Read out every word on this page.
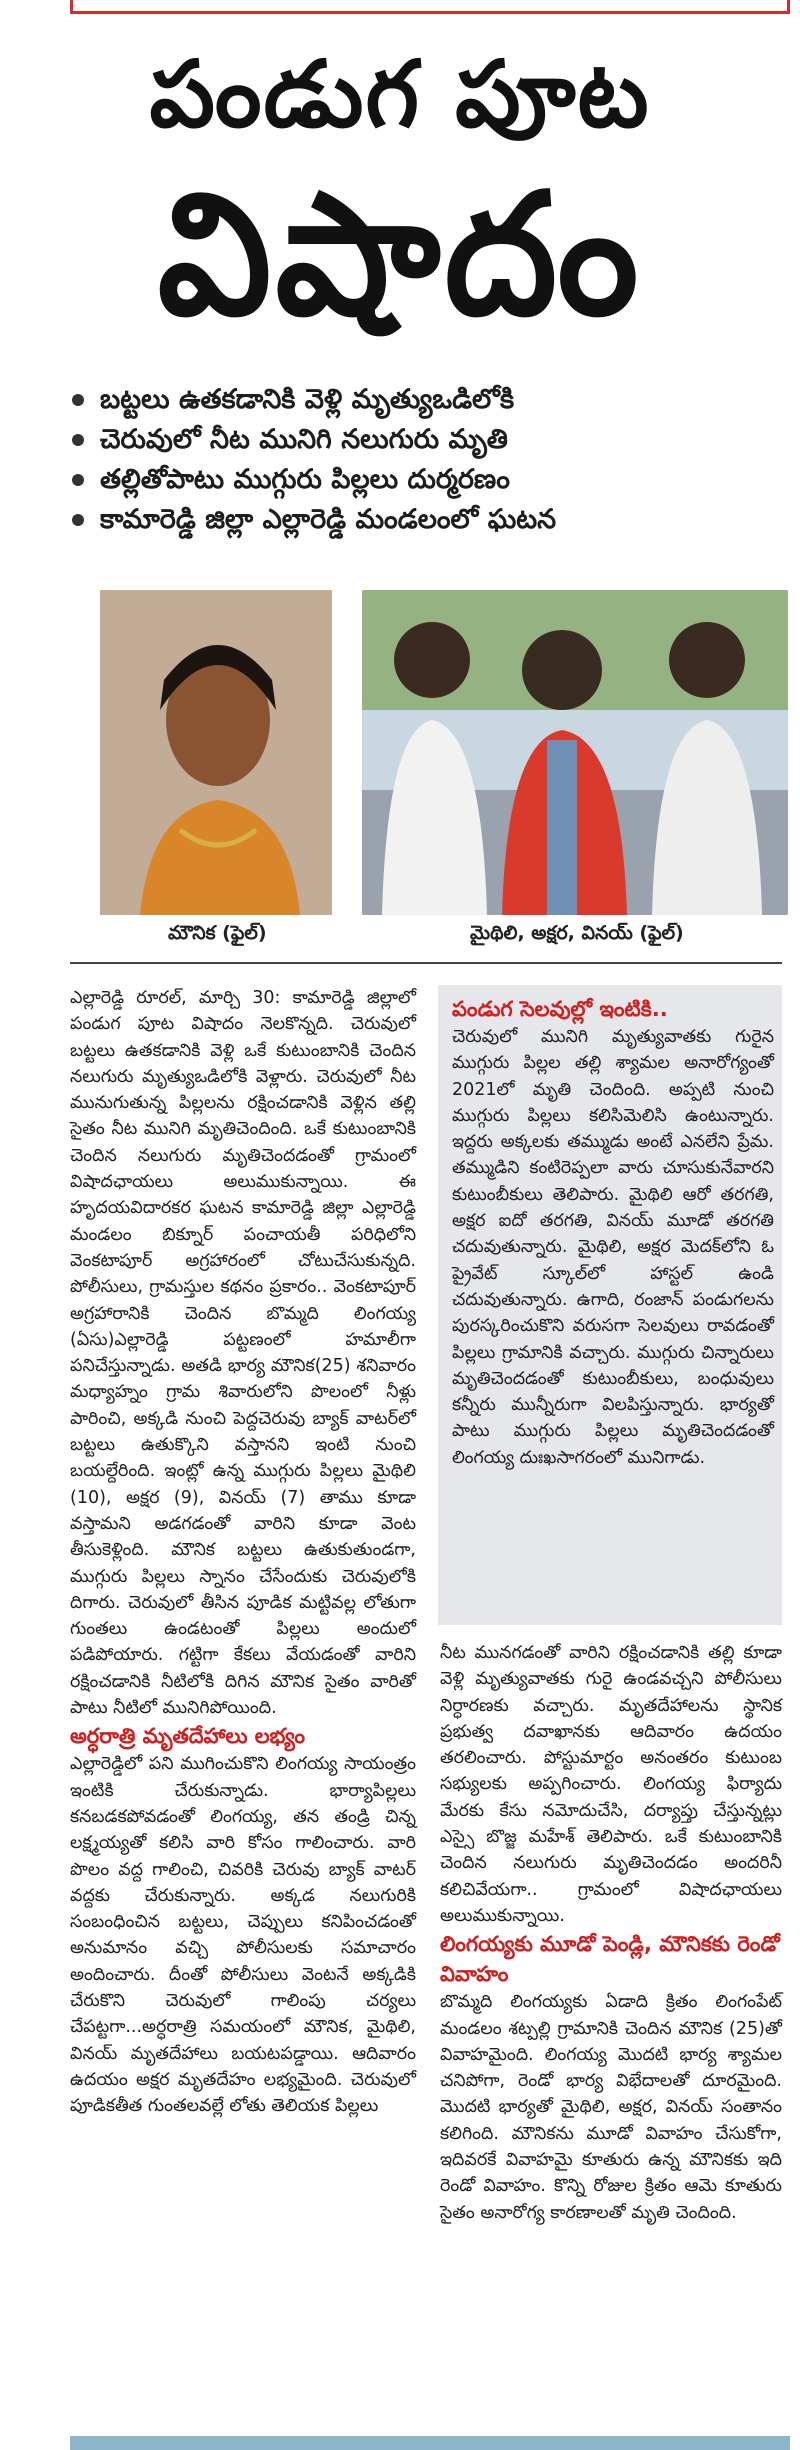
పండుగ పూట
విషాదం
బట్టలు ఉతకడానికి వెళ్లి మృత్యుఒడిలోకి
చెరువులో నీట మునిగి నలుగురు మృతి
తల్లితోపాటు ముగ్గురు పిల్లలు దుర్మరణం
కామారెడ్డి జిల్లా ఎల్లారెడ్డి మండలంలో ఘటన
మౌనిక (ఫైల్)	మైథిలి, అక్షర, వినయ్ (ఫైల్)

ఎల్లారెడ్డి రూరల్, మార్చి 30: కామారెడ్డి జిల్లాలో పండుగ పూట విషాదం నెలకొన్నది. చెరువులో బట్టలు ఉతకడానికి వెళ్లి ఒకే కుటుంబానికి చెందిన నలుగురు మృత్యుఒడిలోకి వెళ్లారు. చెరువులో నీట మునుగుతున్న పిల్లలను రక్షించడానికి వెళ్లిన తల్లి సైతం నీట మునిగి మృతిచెందింది. ఒకే కుటుంబానికి చెందిన నలుగురు మృతిచెందడంతో గ్రామంలో విషాదఛాయలు అలుముకున్నాయి. ఈ హృదయవిదారకర ఘటన కామారెడ్డి జిల్లా ఎల్లారెడ్డి మండలం బిక్నూర్ పంచాయతీ పరిధిలోని వెంకటాపూర్ అగ్రహారంలో చోటుచేసుకున్నది. పోలీసులు, గ్రామస్తుల కథనం ప్రకారం.. వెంకటాపూర్ అగ్రహారానికి చెందిన బొమ్మది లింగయ్య (ఏసు)ఎల్లారెడ్డి పట్టణంలో హమాలీగా పనిచేస్తున్నాడు. అతడి భార్య మౌనిక(25) శనివారం మధ్యాహ్నం గ్రామ శివారులోని పొలంలో నీళ్లు పారించి, అక్కడి నుంచి పెద్దచెరువు బ్యాక్ వాటర్‌లో బట్టలు ఉతుక్కొని వస్తానని ఇంటి నుంచి బయల్దేరింది. ఇంట్లో ఉన్న ముగ్గురు పిల్లలు మైథిలి (10), అక్షర (9), వినయ్ (7) తాము కూడా వస్తామని అడగడంతో వారిని కూడా వెంట తీసుకెళ్లింది. మౌనిక బట్టలు ఉతుకుతుండగా, ముగ్గురు పిల్లలు స్నానం చేసేందుకు చెరువులోకి దిగారు. చెరువులో తీసిన పూడిక మట్టివల్ల లోతుగా గుంతలు ఉండటంతో పిల్లలు అందులో పడిపోయారు. గట్టిగా కేకలు వేయడంతో వారిని రక్షించడానికి నీటిలోకి దిగిన మౌనిక సైతం వారితో పాటు నీటిలో మునిగిపోయింది.

అర్ధరాత్రి మృతదేహాలు లభ్యం

ఎల్లారెడ్డిలో పని ముగించుకొని లింగయ్య సాయంత్రం ఇంటికి చేరుకున్నాడు. భార్యాపిల్లలు కనబడకపోవడంతో లింగయ్య, తన తండ్రి చిన్న లక్ష్మయ్యతో కలిసి వారి కోసం గాలించారు. వారి పొలం వద్ద గాలించి, చివరికి చెరువు బ్యాక్ వాటర్ వద్దకు చేరుకున్నారు. అక్కడ నలుగురికి సంబంధించిన బట్టలు, చెప్పులు కనిపించడంతో అనుమానం వచ్చి పోలీసులకు సమాచారం అందించారు. దీంతో పోలీసులు వెంటనే అక్కడికి చేరుకొని చెరువులో గాలింపు చర్యలు చేపట్టగా...అర్ధరాత్రి సమయంలో మౌనిక, మైథిలి, వినయ్ మృతదేహాలు బయటపడ్డాయి. ఆదివారం ఉదయం అక్షర మృతదేహం లభ్యమైంది. చెరువులో పూడికతీత గుంతలవల్లే లోతు తెలియక పిల్లలు

పండుగ సెలవుల్లో ఇంటికి..

చెరువులో మునిగి మృత్యువాతకు గురైన ముగ్గురు పిల్లల తల్లి శ్యామల అనారోగ్యంతో 2021లో మృతి చెందింది. అప్పటి నుంచి ముగ్గురు పిల్లలు కలిసిమెలిసి ఉంటున్నారు. ఇద్దరు అక్కలకు తమ్ముడు అంటే ఎనలేని ప్రేమ. తమ్ముడిని కంటిరెప్పలా వారు చూసుకునేవారని కుటుంబీకులు తెలిపారు. మైథిలి ఆరో తరగతి, అక్షర ఐదో తరగతి, వినయ్ మూడో తరగతి చదువుతున్నారు. మైథిలి, అక్షర మెదక్‌లోని ఓ ప్రైవేట్ స్కూల్‌లో హాస్టల్ ఉండి చదువుతున్నారు. ఉగాది, రంజాన్ పండుగలను పురస్కరించుకొని వరుసగా సెలవులు రావడంతో పిల్లలు గ్రామానికి వచ్చారు. ముగ్గురు చిన్నారులు మృతిచెందడంతో కుటుంబీకులు, బంధువులు కన్నీరు మున్నీరుగా విలపిస్తున్నారు. భార్యతో పాటు ముగ్గురు పిల్లలు మృతిచెందడంతో లింగయ్య దుఃఖసాగరంలో మునిగాడు.

నీట మునగడంతో వారిని రక్షించడానికి తల్లి కూడా వెళ్లి మృత్యువాతకు గురై ఉండవచ్చని పోలీసులు నిర్ధారణకు వచ్చారు. మృతదేహాలను స్థానిక ప్రభుత్వ దవాఖానకు ఆదివారం ఉదయం తరలించారు. పోస్టుమార్టం అనంతరం కుటుంబ సభ్యులకు అప్పగించారు. లింగయ్య ఫిర్యాదు మేరకు కేసు నమోదుచేసి, దర్యాప్తు చేస్తున్నట్లు ఎస్సై బొజ్జ మహేశ్ తెలిపారు. ఒకే కుటుంబానికి చెందిన నలుగురు మృతిచెందడం అందరినీ కలిచివేయగా.. గ్రామంలో విషాదఛాయలు అలుముకున్నాయి.

లింగయ్యకు మూడో పెండ్లి, మౌనికకు రెండో వివాహం

బొమ్మది లింగయ్యకు ఏడాది క్రితం లింగంపేట్ మండలం శట్పల్లి గ్రామానికి చెందిన మౌనిక (25)తో వివాహమైంది. లింగయ్య మొదటి భార్య శ్యామల చనిపోగా, రెండో భార్య విభేదాలతో దూరమైంది. మొదటి భార్యతో మైథిలి, అక్షర, వినయ్ సంతానం కలిగింది. మౌనికను మూడో వివాహం చేసుకోగా, ఇదివరకే వివాహమై కూతురు ఉన్న మౌనికకు ఇది రెండో వివాహం. కొన్ని రోజుల క్రితం ఆమె కూతురు సైతం అనారోగ్య కారణాలతో మృతి చెందింది.
